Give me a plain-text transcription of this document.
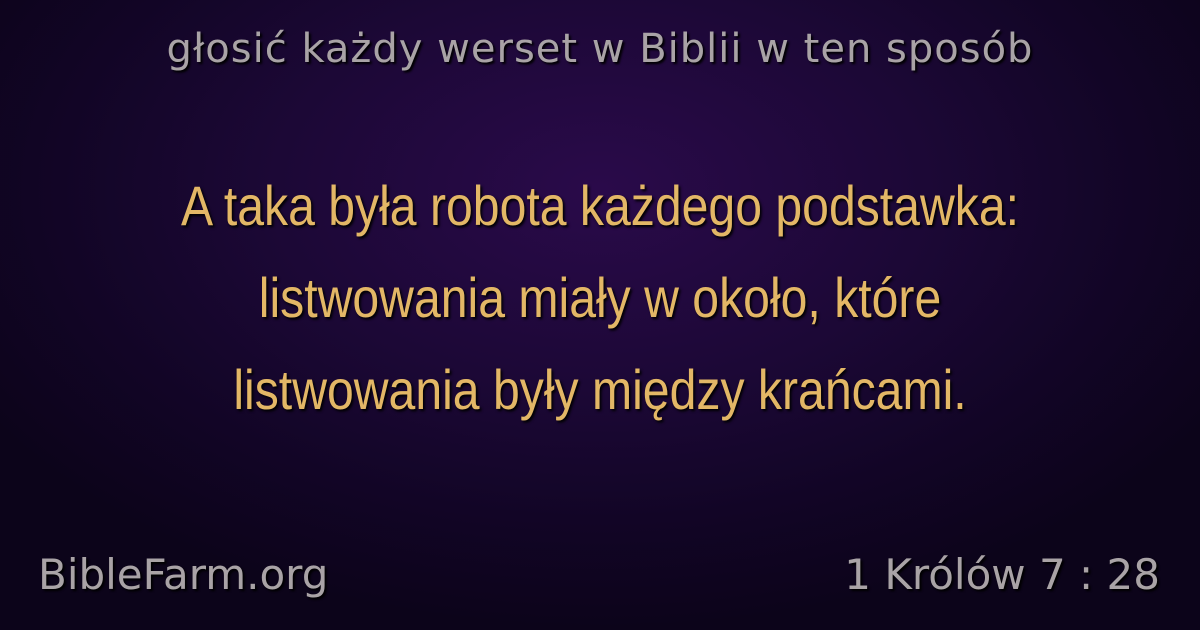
głosić każdy werset w Biblii w ten sposób
A taka była robota każdego podstawka:
listwowania miały w około, które
listwowania były między krańcami.
BibleFarm.org	1 Królów 7 : 28
